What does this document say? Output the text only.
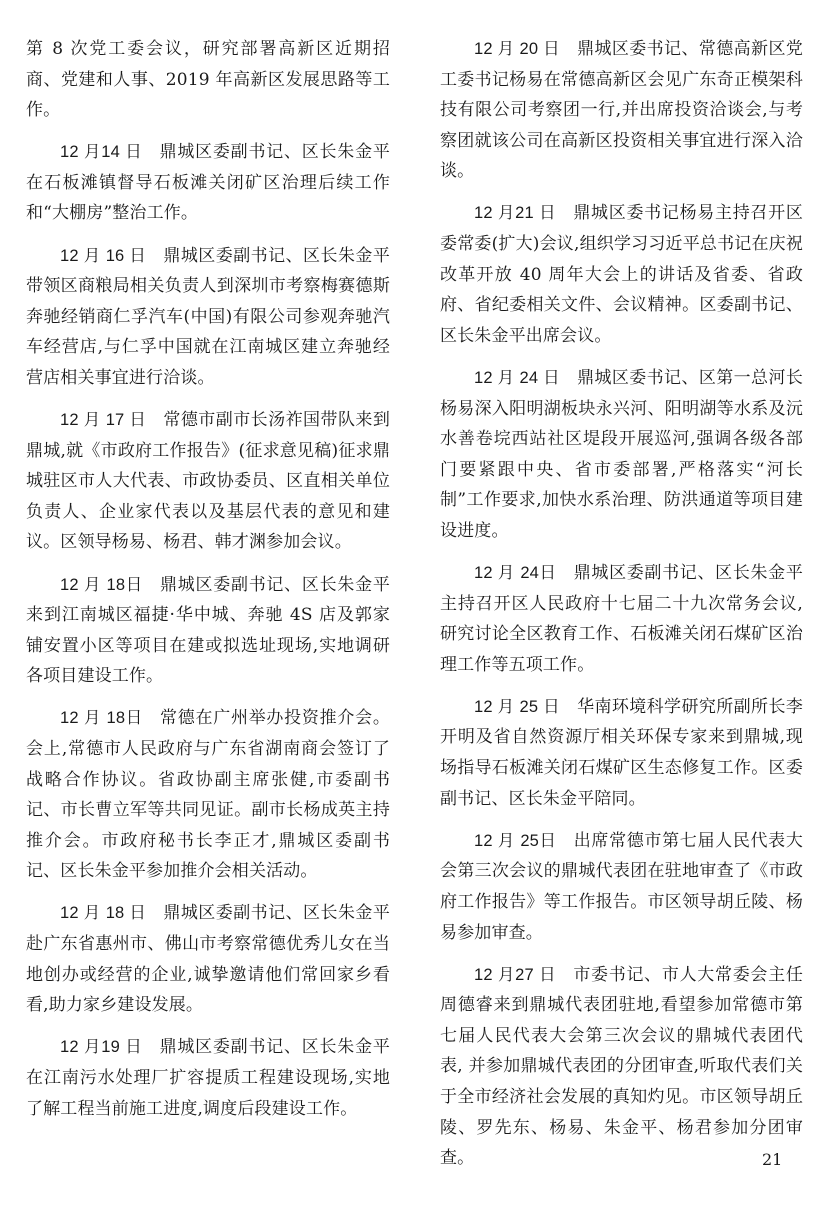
第 8 次党工委会议，研究部署高新区近期招商、党建和人事、2019 年高新区发展思路等工作。

12 月14 日 鼎城区委副书记、区长朱金平在石板滩镇督导石板滩关闭矿区治理后续工作和“大棚房”整治工作。

12 月 16 日 鼎城区委副书记、区长朱金平带领区商粮局相关负责人到深圳市考察梅赛德斯奔驰经销商仁孚汽车(中国)有限公司参观奔驰汽车经营店,与仁孚中国就在江南城区建立奔驰经营店相关事宜进行洽谈。

12 月 17 日 常德市副市长汤祚国带队来到鼎城,就《市政府工作报告》(征求意见稿)征求鼎城驻区市人大代表、市政协委员、区直相关单位负责人、企业家代表以及基层代表的意见和建议。区领导杨易、杨君、韩才渊参加会议。

12 月 18日 鼎城区委副书记、区长朱金平来到江南城区福捷·华中城、奔驰 4S 店及郭家铺安置小区等项目在建或拟选址现场,实地调研各项目建设工作。

12 月 18日 常德在广州举办投资推介会。会上,常德市人民政府与广东省湖南商会签订了战略合作协议。省政协副主席张健,市委副书记、市长曹立军等共同见证。副市长杨成英主持推介会。市政府秘书长李正才,鼎城区委副书记、区长朱金平参加推介会相关活动。

12 月 18 日 鼎城区委副书记、区长朱金平赴广东省惠州市、佛山市考察常德优秀儿女在当地创办或经营的企业,诚挚邀请他们常回家乡看看,助力家乡建设发展。

12 月19 日 鼎城区委副书记、区长朱金平在江南污水处理厂扩容提质工程建设现场,实地了解工程当前施工进度,调度后段建设工作。

12 月 20 日 鼎城区委书记、常德高新区党工委书记杨易在常德高新区会见广东奇正模架科技有限公司考察团一行,并出席投资洽谈会,与考察团就该公司在高新区投资相关事宜进行深入洽谈。

12 月21 日 鼎城区委书记杨易主持召开区委常委(扩大)会议,组织学习习近平总书记在庆祝改革开放 40 周年大会上的讲话及省委、省政府、省纪委相关文件、会议精神。区委副书记、区长朱金平出席会议。

12 月 24 日 鼎城区委书记、区第一总河长杨易深入阳明湖板块永兴河、阳明湖等水系及沅水善卷垸西站社区堤段开展巡河,强调各级各部门要紧跟中央、省市委部署,严格落实“河长制”工作要求,加快水系治理、防洪通道等项目建设进度。

12 月 24日 鼎城区委副书记、区长朱金平主持召开区人民政府十七届二十九次常务会议,研究讨论全区教育工作、石板滩关闭石煤矿区治理工作等五项工作。

12 月 25 日 华南环境科学研究所副所长李开明及省自然资源厅相关环保专家来到鼎城,现场指导石板滩关闭石煤矿区生态修复工作。区委副书记、区长朱金平陪同。

12 月 25日 出席常德市第七届人民代表大会第三次会议的鼎城代表团在驻地审查了《市政府工作报告》等工作报告。市区领导胡丘陵、杨易参加审查。

12 月27 日 市委书记、市人大常委会主任周德睿来到鼎城代表团驻地,看望参加常德市第七届人民代表大会第三次会议的鼎城代表团代表, 并参加鼎城代表团的分团审查,听取代表们关于全市经济社会发展的真知灼见。市区领导胡丘陵、罗先东、杨易、朱金平、杨君参加分团审查。	21
